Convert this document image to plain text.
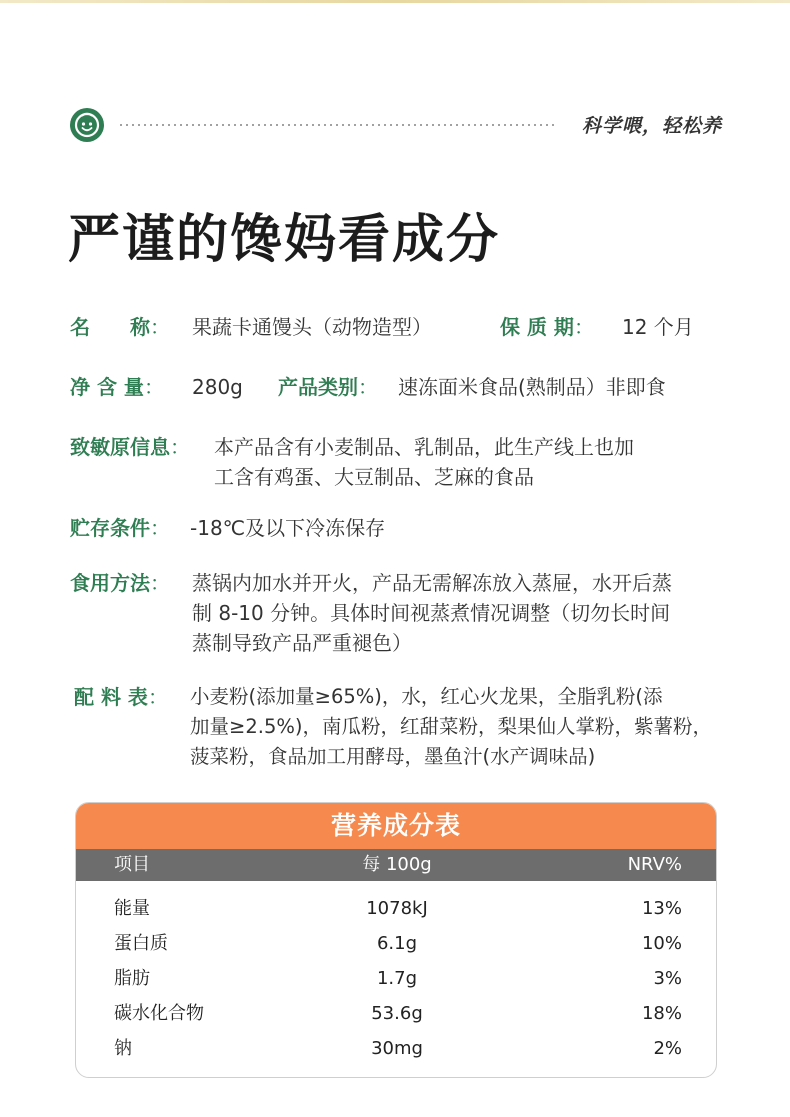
科学喂，轻松养
严谨的馋妈看成分
名　　称： 果蔬卡通馒头（动物造型）	保 质 期： 12 个月
净 含 量： 280g 产品类别： 速冻面米食品(熟制品）非即食
致敏原信息： 本产品含有小麦制品、乳制品，此生产线上也加
工含有鸡蛋、大豆制品、芝麻的食品
贮存条件： -18℃及以下冷冻保存
食用方法： 蒸锅内加水并开火，产品无需解冻放入蒸屉，水开后蒸
制 8-10 分钟。具体时间视蒸煮情况调整（切勿长时间
蒸制导致产品严重褪色）
配 料 表： 小麦粉(添加量≥65%)，水，红心火龙果，全脂乳粉(添
加量≥2.5%)，南瓜粉，红甜菜粉，梨果仙人掌粉，紫薯粉，
菠菜粉，食品加工用酵母，墨鱼汁(水产调味品)
营养成分表
项目	每 100g	NRV%
能量	1078kJ	13%
蛋白质	6.1g	10%
脂肪	1.7g	3%
碳水化合物	53.6g	18%
钠	30mg	2%
